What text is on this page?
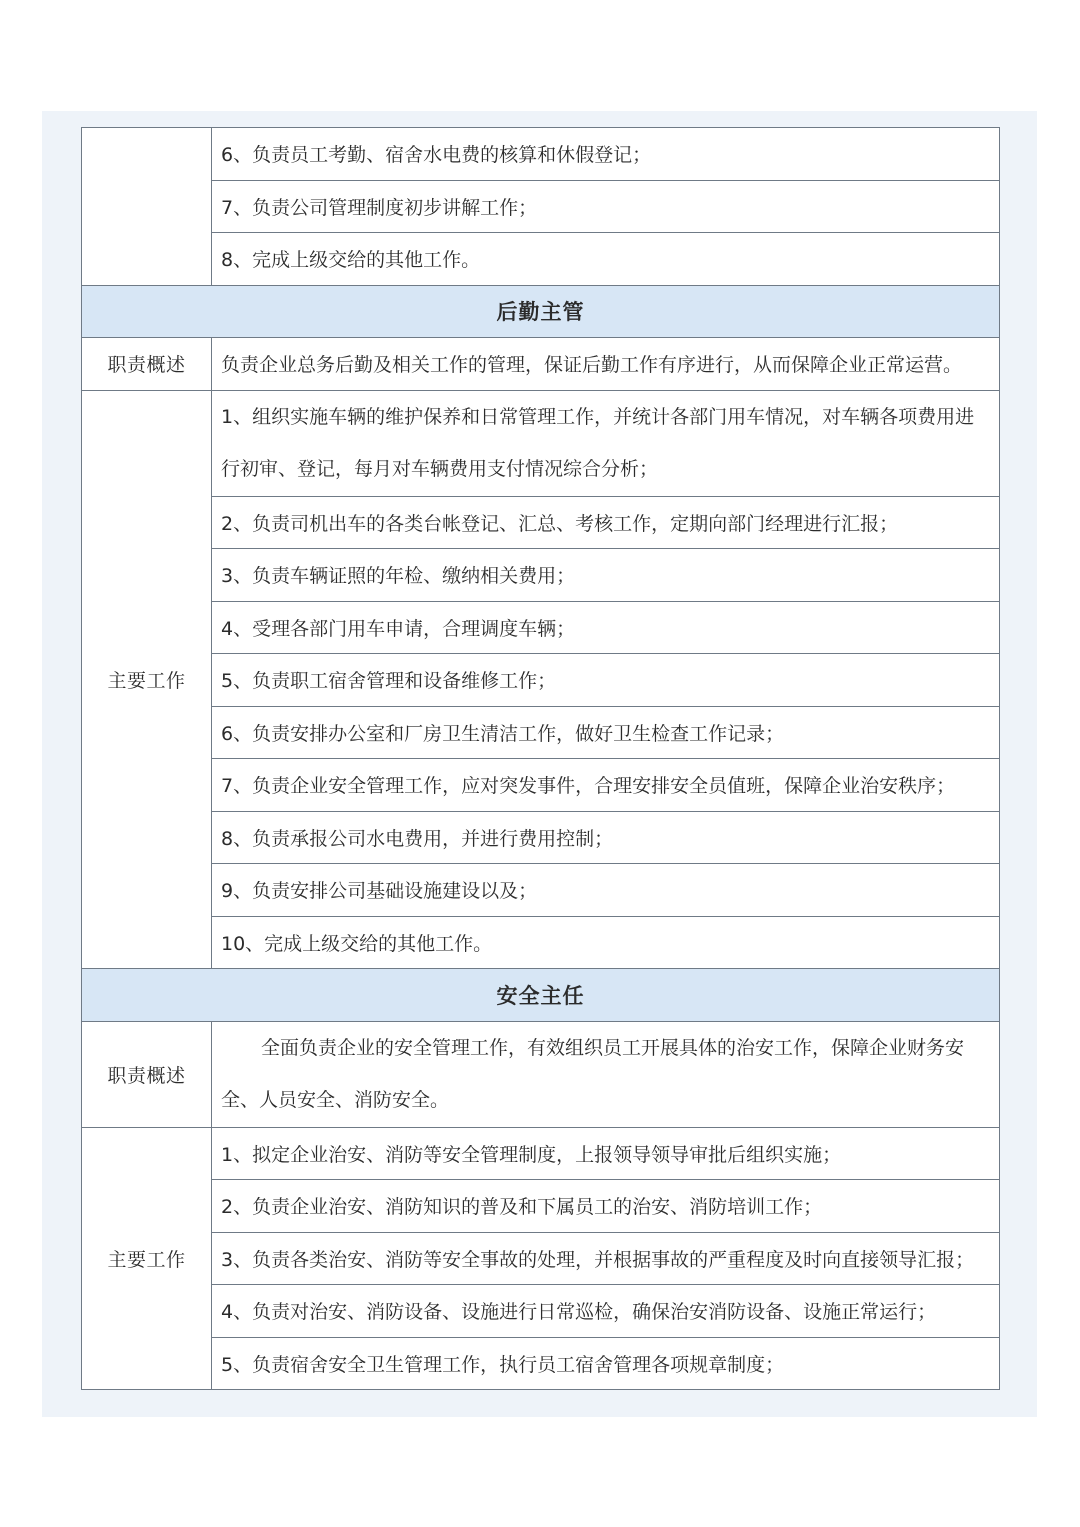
	6、负责员工考勤、宿舍水电费的核算和休假登记；
	7、负责公司管理制度初步讲解工作；
	8、完成上级交给的其他工作。
后勤主管	
职责概述	负责企业总务后勤及相关工作的管理，保证后勤工作有序进行，从而保障企业正常运营。
主要工作	1、组织实施车辆的维护保养和日常管理工作，并统计各部门用车情况，对车辆各项费用进行初审、登记，每月对车辆费用支付情况综合分析；
	2、负责司机出车的各类台帐登记、汇总、考核工作，定期向部门经理进行汇报；
	3、负责车辆证照的年检、缴纳相关费用；
	4、受理各部门用车申请，合理调度车辆；
	5、负责职工宿舍管理和设备维修工作；
	6、负责安排办公室和厂房卫生清洁工作，做好卫生检查工作记录；
	7、负责企业安全管理工作，应对突发事件，合理安排安全员值班，保障企业治安秩序；
	8、负责承报公司水电费用，并进行费用控制；
	9、负责安排公司基础设施建设以及；
	10、完成上级交给的其他工作。
安全主任	
职责概述	全面负责企业的安全管理工作，有效组织员工开展具体的治安工作，保障企业财务安全、人员安全、消防安全。
主要工作	1、拟定企业治安、消防等安全管理制度，上报领导领导审批后组织实施；
	2、负责企业治安、消防知识的普及和下属员工的治安、消防培训工作；
	3、负责各类治安、消防等安全事故的处理，并根据事故的严重程度及时向直接领导汇报；
	4、负责对治安、消防设备、设施进行日常巡检，确保治安消防设备、设施正常运行；
	5、负责宿舍安全卫生管理工作，执行员工宿舍管理各项规章制度；
